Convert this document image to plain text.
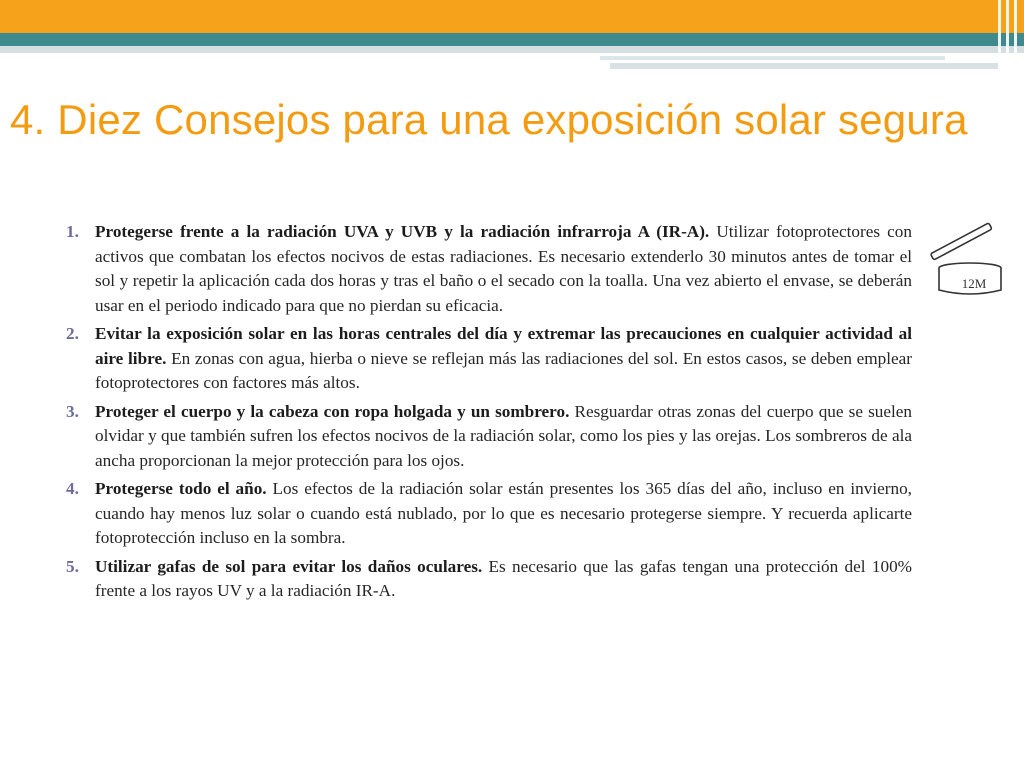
4. Diez Consejos para una exposición solar segura
1. Protegerse frente a la radiación UVA y UVB y la radiación infrarroja A (IR-A). Utilizar fotoprotectores con activos que combatan los efectos nocivos de estas radiaciones. Es necesario extenderlo 30 minutos antes de tomar el sol y repetir la aplicación cada dos horas y tras el baño o el secado con la toalla. Una vez abierto el envase, se deberán usar en el periodo indicado para que no pierdan su eficacia.
2. Evitar la exposición solar en las horas centrales del día y extremar las precauciones en cualquier actividad al aire libre. En zonas con agua, hierba o nieve se reflejan más las radiaciones del sol. En estos casos, se deben emplear fotoprotectores con factores más altos.
3. Proteger el cuerpo y la cabeza con ropa holgada y un sombrero. Resguardar otras zonas del cuerpo que se suelen olvidar y que también sufren los efectos nocivos de la radiación solar, como los pies y las orejas. Los sombreros de ala ancha proporcionan la mejor protección para los ojos.
4. Protegerse todo el año. Los efectos de la radiación solar están presentes los 365 días del año, incluso en invierno, cuando hay menos luz solar o cuando está nublado, por lo que es necesario protegerse siempre. Y recuerda aplicarte fotoprotección incluso en la sombra.
5. Utilizar gafas de sol para evitar los daños oculares. Es necesario que las gafas tengan una protección del 100% frente a los rayos UV y a la radiación IR-A.
12M
